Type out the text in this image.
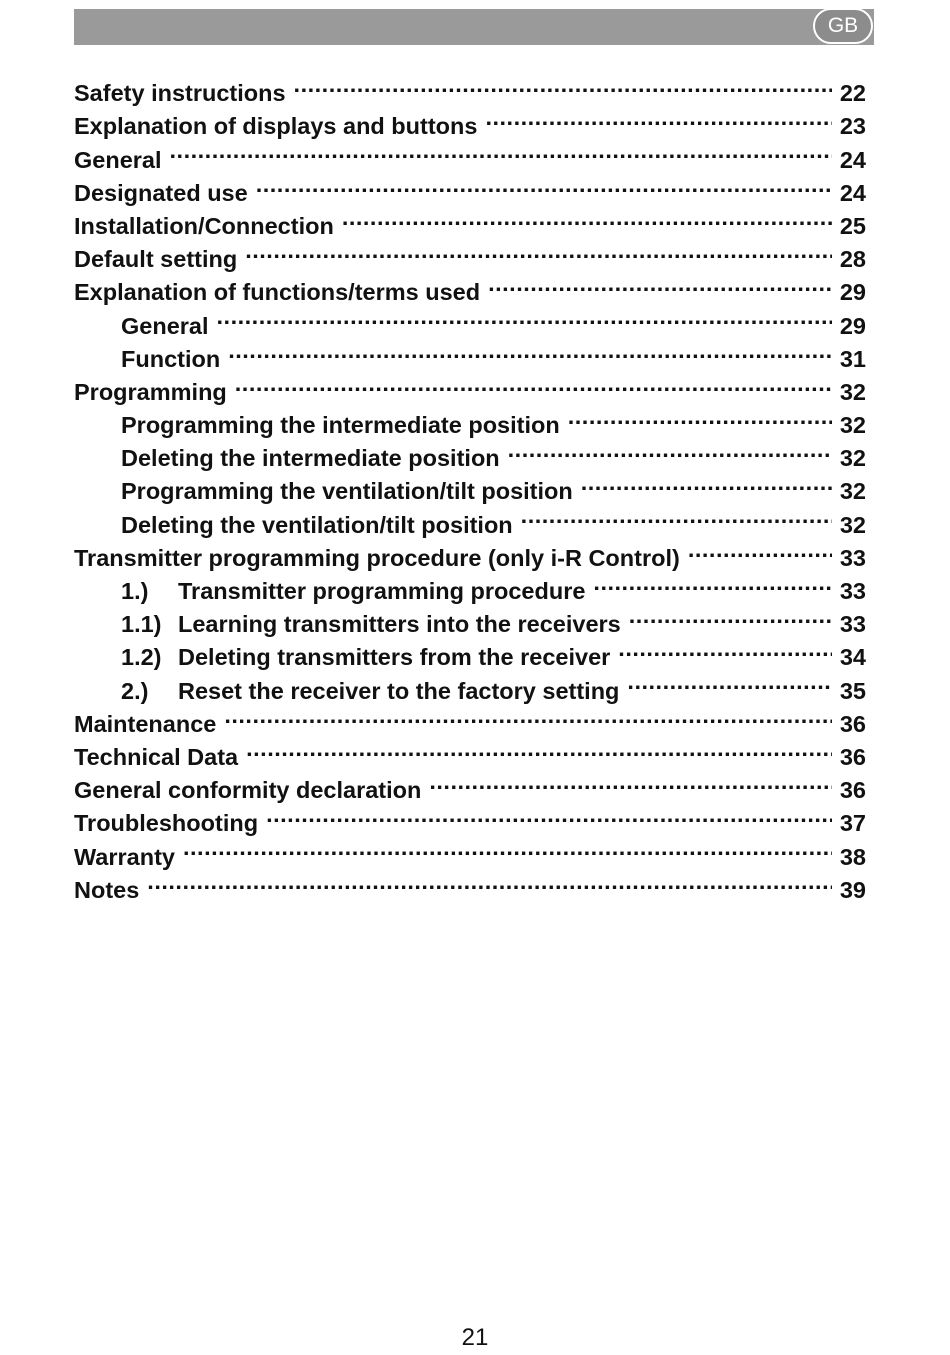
GB
Safety instructions .....	22
Explanation of displays and buttons .....	23
General .....	24
Designated use .....	24
Installation/Connection .....	25
Default setting .....	28
Explanation of functions/terms used .....	29
General .....	29
Function .....	31
Programming .....	32
Programming the intermediate position .....	32
Deleting the intermediate position .....	32
Programming the ventilation/tilt position .....	32
Deleting the ventilation/tilt position .....	32
Transmitter programming procedure (only i-R Control) .....	33
1.)	Transmitter programming procedure .....	33
1.1) Learning transmitters into the receivers .....	33
1.2) Deleting transmitters from the receiver .....	34
2.)	Reset the receiver to the factory setting .....	35
Maintenance .....	36
Technical Data .....	36
General conformity declaration .....	36
Troubleshooting .....	37
Warranty .....	38
Notes .....	39
21
